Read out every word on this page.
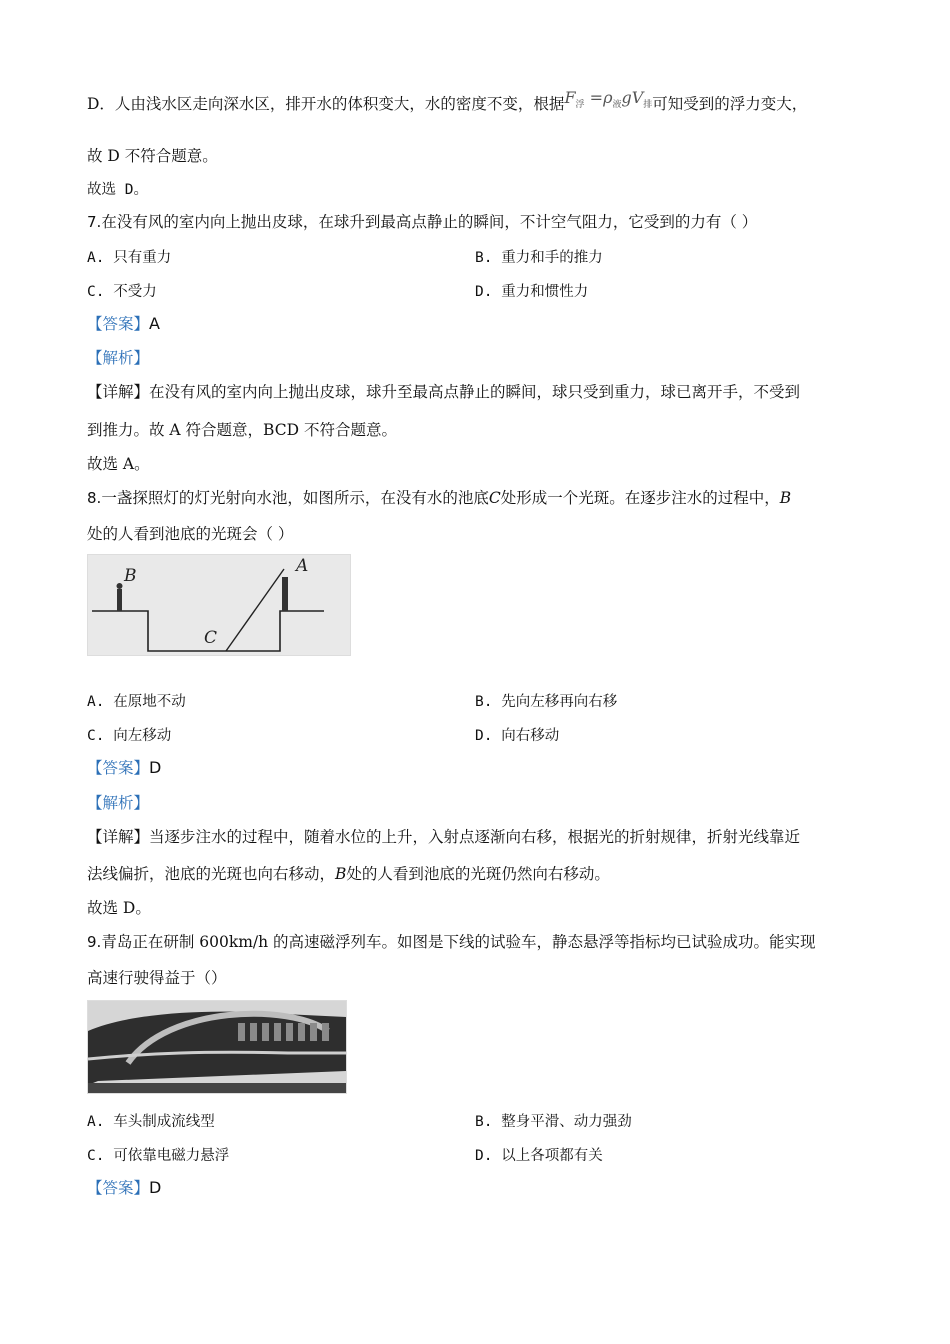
D．人由浅水区走向深水区，排开水的体积变大，水的密度不变，根据$F_浮 =\rho_液gV_排$可知受到的浮力变大，
故 D 不符合题意。
故选 D。
7.在没有风的室内向上抛出皮球，在球升到最高点静止的瞬间，不计空气阻力，它受到的力有（ ）
A. 只有重力	B. 重力和手的推力
C. 不受力	D. 重力和惯性力
【答案】A
【解析】
【详解】在没有风的室内向上抛出皮球，球升至最高点静止的瞬间，球只受到重力，球已离开手，不受到
到推力。故 A 符合题意，BCD 不符合题意。
故选 A。
8.一盏探照灯的灯光射向水池，如图所示，在没有水的池底C处形成一个光斑。在逐步注水的过程中，B
处的人看到池底的光斑会（ ）
B	A
C
A. 在原地不动	B. 先向左移再向右移
C. 向左移动	D. 向右移动
【答案】D
【解析】
【详解】当逐步注水的过程中，随着水位的上升，入射点逐渐向右移，根据光的折射规律，折射光线靠近
法线偏折，池底的光斑也向右移动，B处的人看到池底的光斑仍然向右移动。
故选 D。
9.青岛正在研制 600km/h 的高速磁浮列车。如图是下线的试验车，静态悬浮等指标均已试验成功。能实现
高速行驶得益于（）
A. 车头制成流线型	B. 整身平滑、动力强劲
C. 可依靠电磁力悬浮	D. 以上各项都有关
【答案】D
